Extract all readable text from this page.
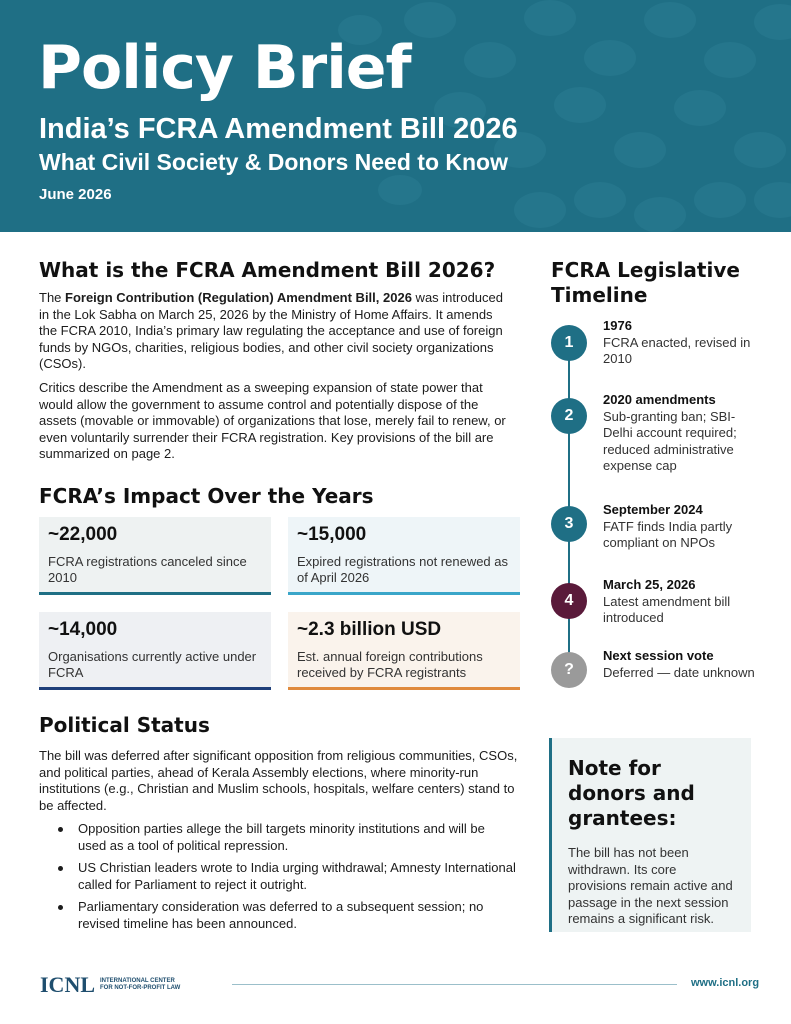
Policy Brief
India’s FCRA Amendment Bill 2026
What Civil Society & Donors Need to Know
June 2026
What is the FCRA Amendment Bill 2026?
The Foreign Contribution (Regulation) Amendment Bill, 2026 was introduced in the Lok Sabha on March 25, 2026 by the Ministry of Home Affairs. It amends the FCRA 2010, India’s primary law regulating the acceptance and use of foreign funds by NGOs, charities, religious bodies, and other civil society organizations (CSOs).
Critics describe the Amendment as a sweeping expansion of state power that would allow the government to assume control and potentially dispose of the assets (movable or immovable) of organizations that lose, merely fail to renew, or even voluntarily surrender their FCRA registration. Key provisions of the bill are summarized on page 2.
FCRA’s Impact Over the Years
~22,000
FCRA registrations canceled since 2010
~15,000
Expired registrations not renewed as of April 2026
~14,000
Organisations currently active under FCRA
~2.3 billion USD
Est. annual foreign contributions received by FCRA registrants
Political Status
The bill was deferred after significant opposition from religious communities, CSOs, and political parties, ahead of Kerala Assembly elections, where minority-run institutions (e.g., Christian and Muslim schools, hospitals, welfare centers) stand to be affected.
Opposition parties allege the bill targets minority institutions and will be used as a tool of political repression.
US Christian leaders wrote to India urging withdrawal; Amnesty International called for Parliament to reject it outright.
Parliamentary consideration was deferred to a subsequent session; no revised timeline has been announced.
FCRA Legislative Timeline
1
1976
FCRA enacted, revised in 2010
2
2020 amendments
Sub-granting ban; SBI-Delhi account required; reduced administrative expense cap
3
September 2024
FATF finds India partly compliant on NPOs
4
March 25, 2026
Latest amendment bill introduced
?
Next session vote
Deferred — date unknown
Note for donors and grantees:
The bill has not been withdrawn. Its core provisions remain active and passage in the next session remains a significant risk.
ICNL INTERNATIONAL CENTER
FOR NOT-FOR-PROFIT LAW	www.icnl.org
